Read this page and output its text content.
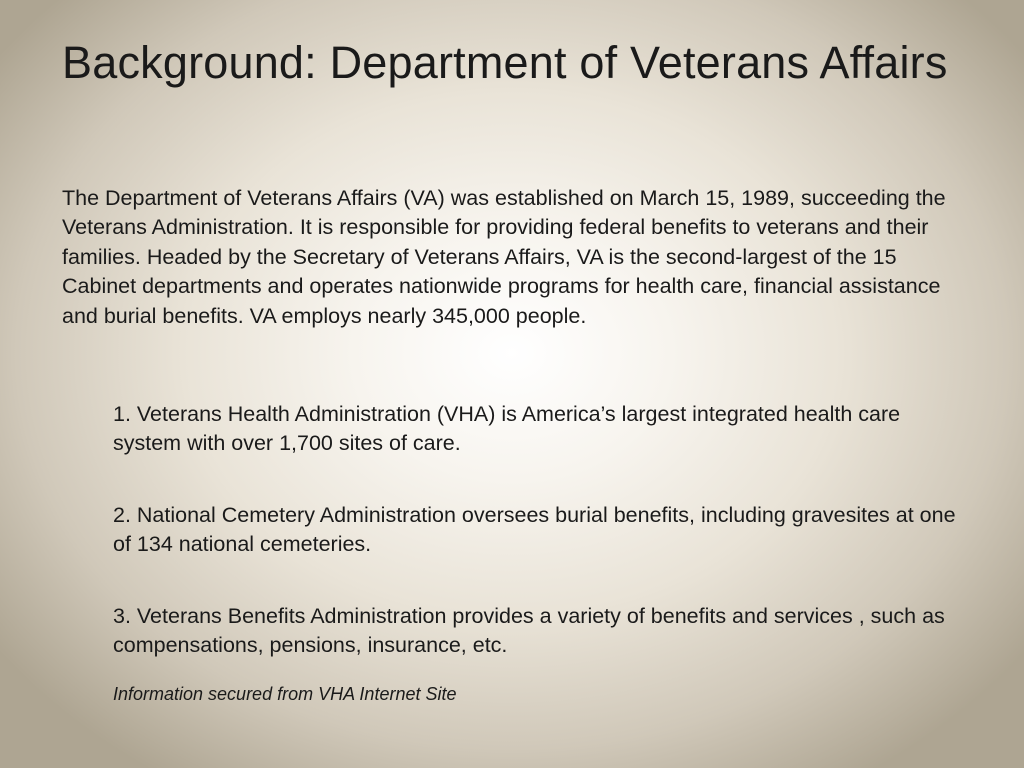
Background: Department of Veterans Affairs

The Department of Veterans Affairs (VA) was established on March 15, 1989, succeeding the Veterans Administration. It is responsible for providing federal benefits to veterans and their families. Headed by the Secretary of Veterans Affairs, VA is the second-largest of the 15 Cabinet departments and operates nationwide programs for health care, financial assistance and burial benefits. VA employs nearly 345,000 people.

1. Veterans Health Administration (VHA) is America’s largest integrated health care system with over 1,700 sites of care.
2. National Cemetery Administration oversees burial benefits, including gravesites at one of 134 national cemeteries.
3. Veterans Benefits Administration provides a variety of benefits and services , such as compensations, pensions, insurance, etc.

Information secured from VHA Internet Site
